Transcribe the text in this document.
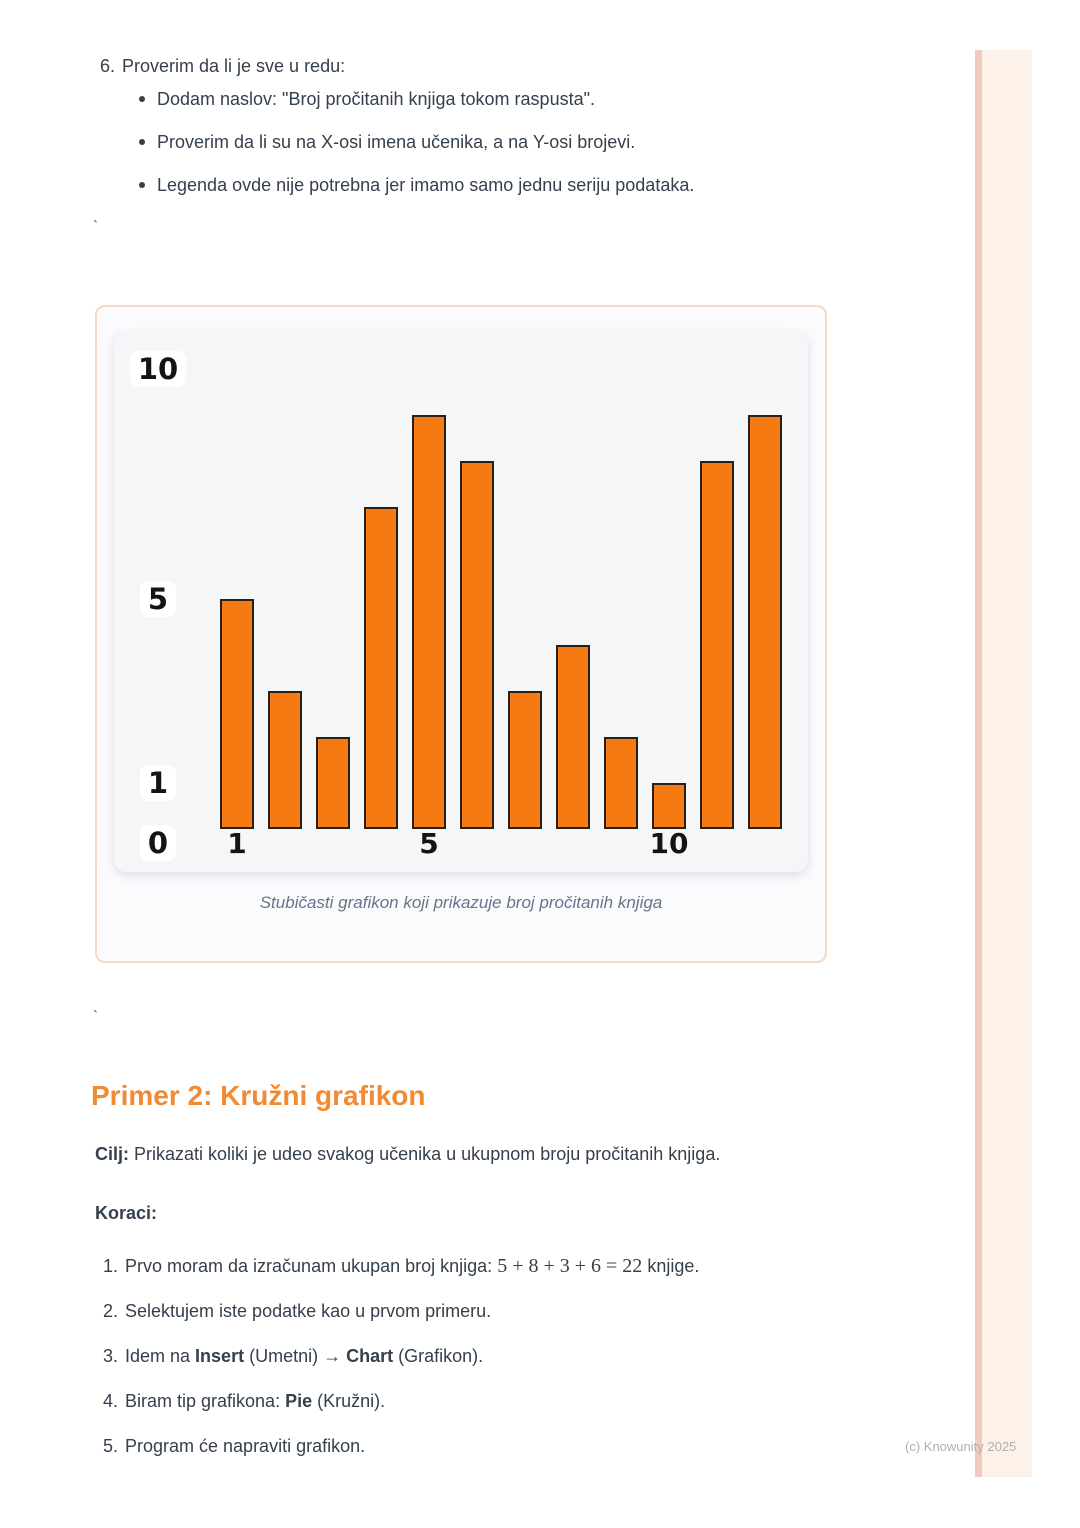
6. Proverim da li je sve u redu:
Dodam naslov: "Broj pročitanih knjiga tokom raspusta".
Proverim da li su na X-osi imena učenika, a na Y-osi brojevi.
Legenda ovde nije potrebna jer imamo samo jednu seriju podataka.
`
10
5
1
0 1	5	10
Stubičasti grafikon koji prikazuje broj pročitanih knjiga
`
Primer 2: Kružni grafikon

Cilj: Prikazati koliki je udeo svakog učenika u ukupnom broju pročitanih knjiga.

Koraci:

1. Prvo moram da izračunam ukupan broj knjiga: 5 + 8 + 3 + 6 = 22 knjige.
2. Selektujem iste podatke kao u prvom primeru.
3. Idem na Insert (Umetni) → Chart (Grafikon).
4. Biram tip grafikona: Pie (Kružni).
5. Program će napraviti grafikon.	(c) Knowunity 2025
